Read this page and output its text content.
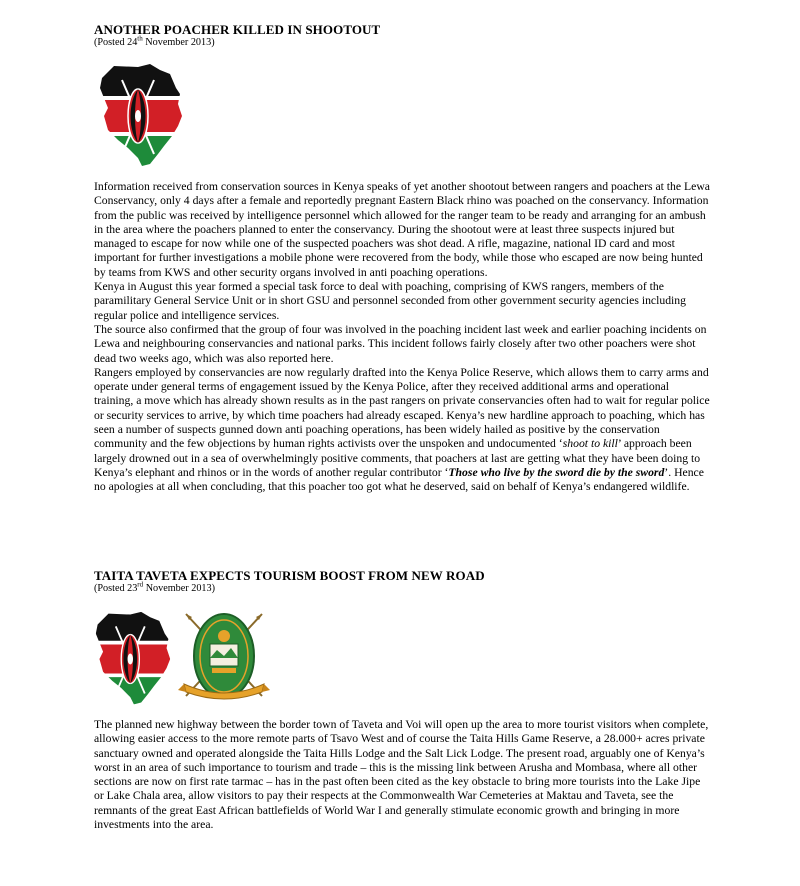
ANOTHER POACHER KILLED IN SHOOTOUT

(Posted 24th November 2013)

Information received from conservation sources in Kenya speaks of yet another shootout between rangers and poachers at the Lewa Conservancy, only 4 days after a female and reportedly pregnant Eastern Black rhino was poached on the conservancy. Information from the public was received by intelligence personnel which allowed for the ranger team to be ready and arranging for an ambush in the area where the poachers planned to enter the conservancy. During the shootout were at least three suspects injured but managed to escape for now while one of the suspected poachers was shot dead. A rifle, magazine, national ID card and most important for further investigations a mobile phone were recovered from the body, while those who escaped are now being hunted by teams from KWS and other security organs involved in anti poaching operations.

Kenya in August this year formed a special task force to deal with poaching, comprising of KWS rangers, members of the paramilitary General Service Unit or in short GSU and personnel seconded from other government security agencies including regular police and intelligence services.

The source also confirmed that the group of four was involved in the poaching incident last week and earlier poaching incidents on Lewa and neighbouring conservancies and national parks. This incident follows fairly closely after two other poachers were shot dead two weeks ago, which was also reported here.

Rangers employed by conservancies are now regularly drafted into the Kenya Police Reserve, which allows them to carry arms and operate under general terms of engagement issued by the Kenya Police, after they received additional arms and operational training, a move which has already shown results as in the past rangers on private conservancies often had to wait for regular police or security services to arrive, by which time poachers had already escaped. Kenya’s new hardline approach to poaching, which has seen a number of suspects gunned down anti poaching operations, has been widely hailed as positive by the conservation community and the few objections by human rights activists over the unspoken and undocumented ‘shoot to kill’ approach been largely drowned out in a sea of overwhelmingly positive comments, that poachers at last are getting what they have been doing to Kenya’s elephant and rhinos or in the words of another regular contributor ‘Those who live by the sword die by the sword’. Hence no apologies at all when concluding, that this poacher too got what he deserved, said on behalf of Kenya’s endangered wildlife.

TAITA TAVETA EXPECTS TOURISM BOOST FROM NEW ROAD

(Posted 23rd November 2013)

The planned new highway between the border town of Taveta and Voi will open up the area to more tourist visitors when complete, allowing easier access to the more remote parts of Tsavo West and of course the Taita Hills Game Reserve, a 28.000+ acres private sanctuary owned and operated alongside the Taita Hills Lodge and the Salt Lick Lodge. The present road, arguably one of Kenya’s worst in an area of such importance to tourism and trade – this is the missing link between Arusha and Mombasa, where all other sections are now on first rate tarmac – has in the past often been cited as the key obstacle to bring more tourists into the Lake Jipe or Lake Chala area, allow visitors to pay their respects at the Commonwealth War Cemeteries at Maktau and Taveta, see the remnants of the great East African battlefields of World War I and generally stimulate economic growth and bringing in more investments into the area.
